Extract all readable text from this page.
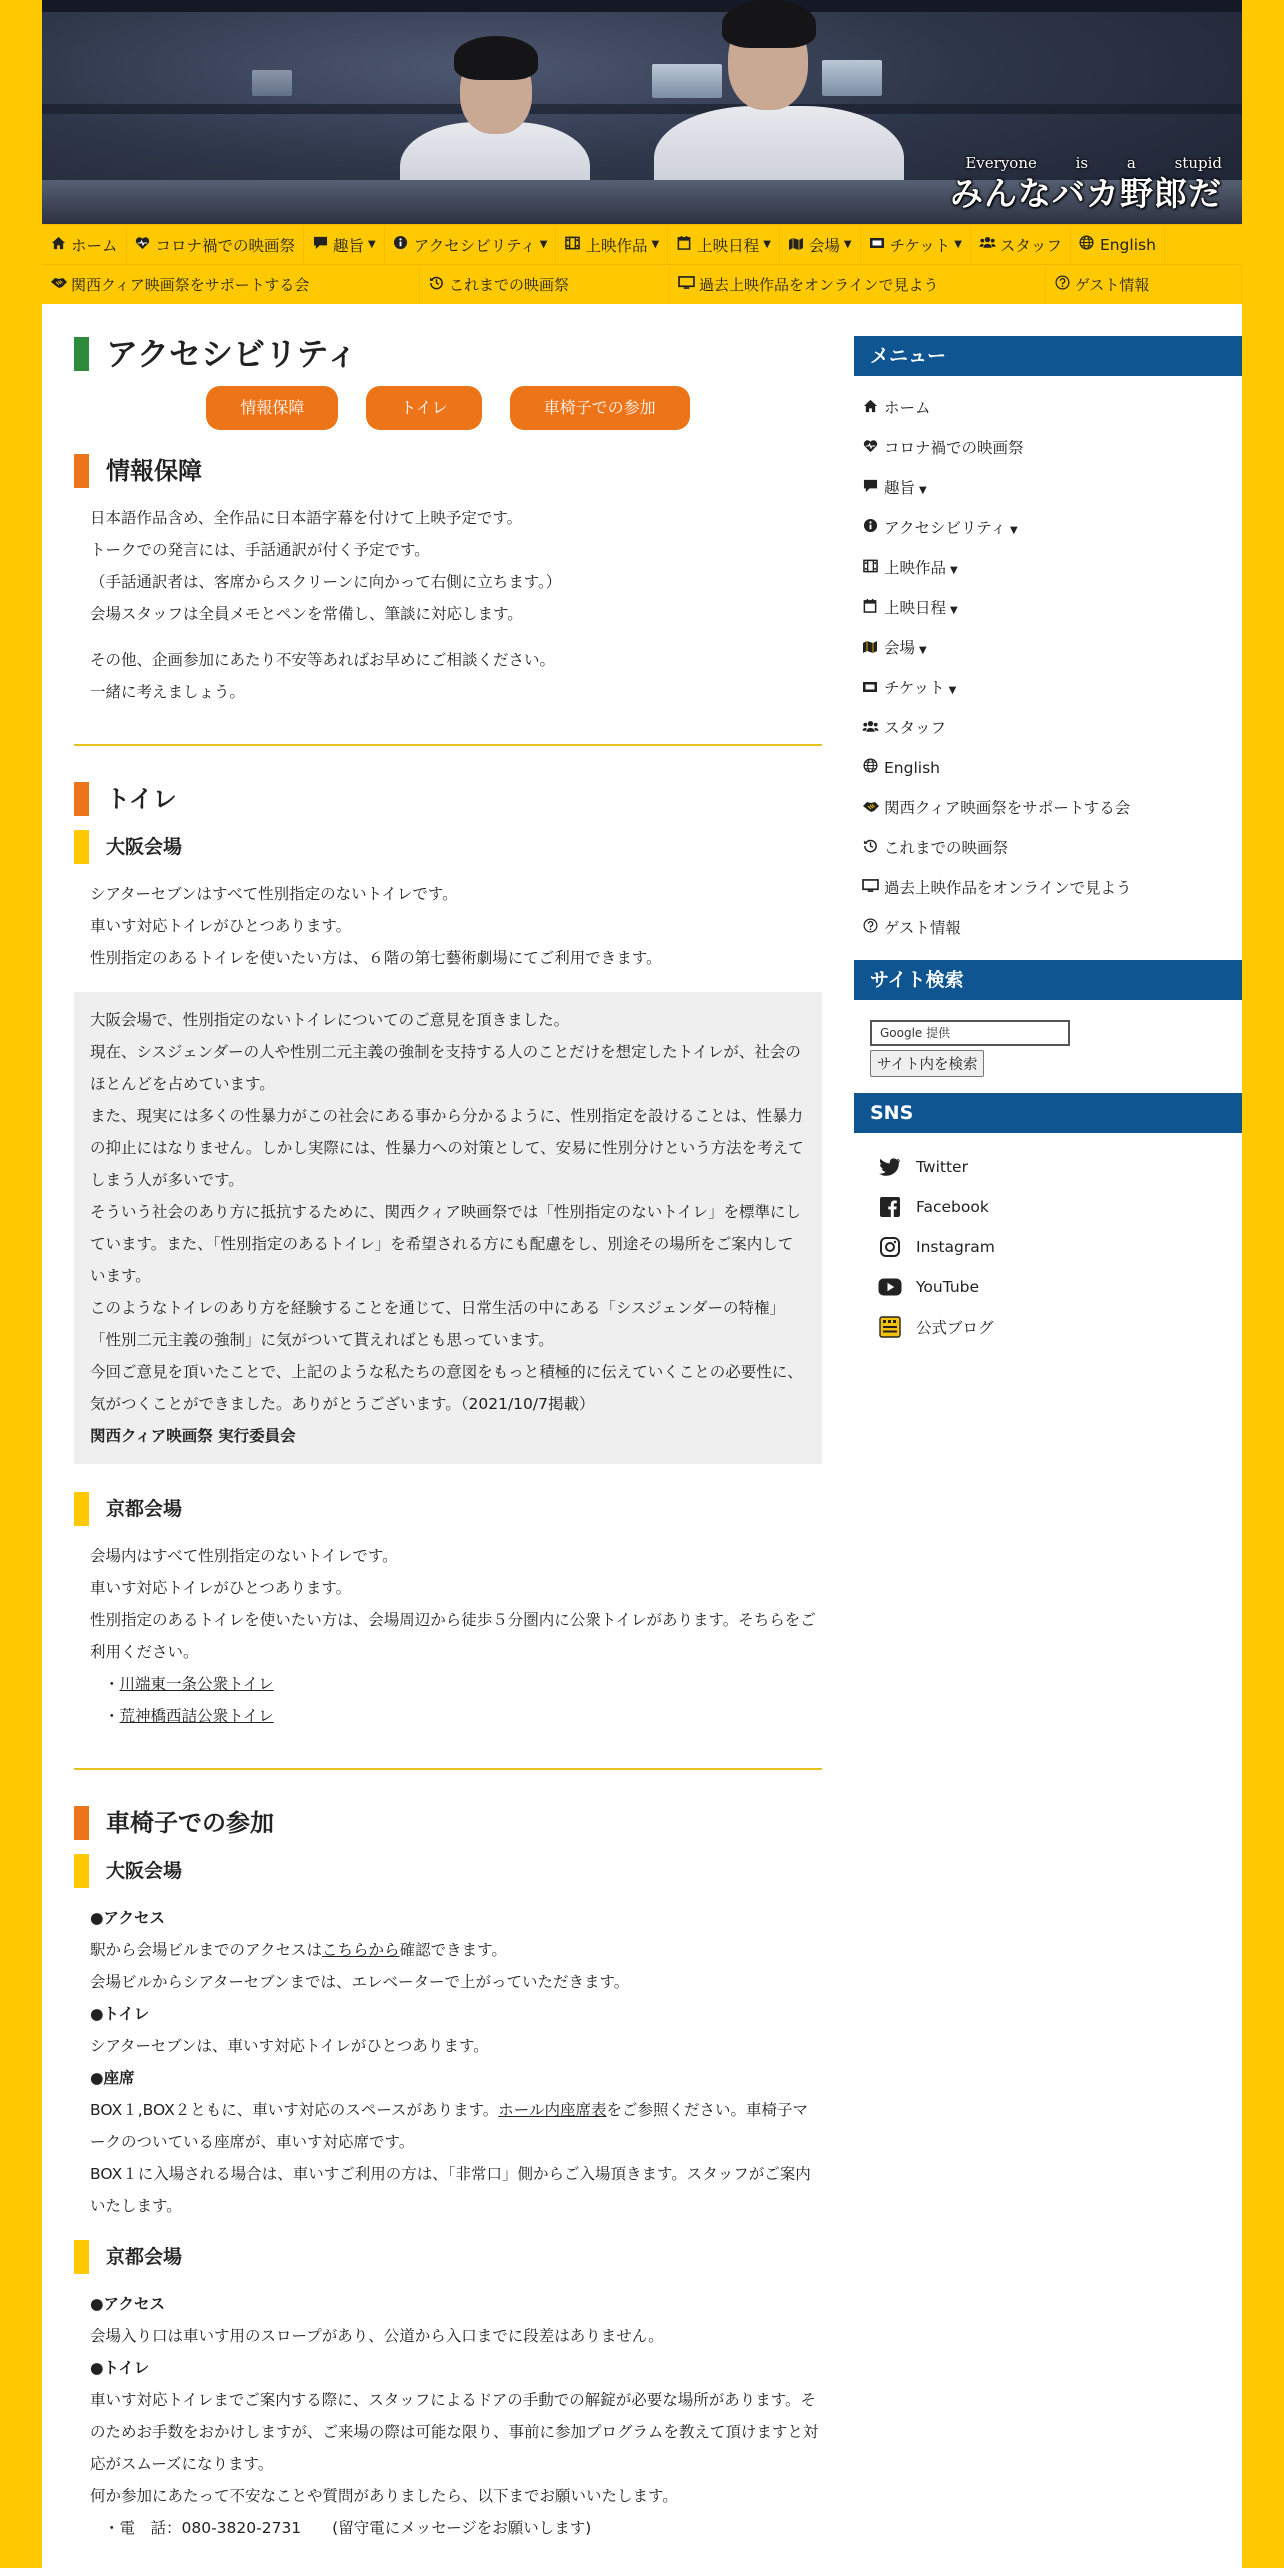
Everyone is a stupid
みんなバカ野郎だ
ホーム コロナ禍での映画祭 趣旨 ▼ アクセシビリティ ▼ 上映作品 ▼ 上映日程 ▼ 会場 ▼ チケット ▼ スタッフ English
関西クィア映画祭をサポートする会	これまでの映画祭	過去上映作品をオンラインで見よう	ゲスト情報
アクセシビリティ
情報保障	トイレ	車椅子での参加
情報保障

日本語作品含め、全作品に日本語字幕を付けて上映予定です。

トークでの発言には、手話通訳が付く予定です。

（手話通訳者は、客席からスクリーンに向かって右側に立ちます。）

会場スタッフは全員メモとペンを常備し、筆談に対応します。

その他、企画参加にあたり不安等あればお早めにご相談ください。

一緒に考えましょう。

トイレ
大阪会場

シアターセブンはすべて性別指定のないトイレです。

車いす対応トイレがひとつあります。

性別指定のあるトイレを使いたい方は、６階の第七藝術劇場にてご利用できます。

大阪会場で、性別指定のないトイレについてのご意見を頂きました。

現在、シスジェンダーの人や性別二元主義の強制を支持する人のことだけを想定したトイレが、社会のほとんどを占めています。

また、現実には多くの性暴力がこの社会にある事から分かるように、性別指定を設けることは、性暴力の抑止にはなりません。しかし実際には、性暴力への対策として、安易に性別分けという方法を考えてしまう人が多いです。

そういう社会のあり方に抵抗するために、関西クィア映画祭では「性別指定のないトイレ」を標準にしています。また、「性別指定のあるトイレ」を希望される方にも配慮をし、別途その場所をご案内しています。

このようなトイレのあり方を経験することを通じて、日常生活の中にある「シスジェンダーの特権」「性別二元主義の強制」に気がついて貰えればとも思っています。

今回ご意見を頂いたことで、上記のような私たちの意図をもっと積極的に伝えていくことの必要性に、気がつくことができました。ありがとうございます。（2021/10/7掲載）

関西クィア映画祭 実行委員会

京都会場

会場内はすべて性別指定のないトイレです。

車いす対応トイレがひとつあります。

性別指定のあるトイレを使いたい方は、会場周辺から徒歩５分圏内に公衆トイレがあります。そちらをご利用ください。

・川端東一条公衆トイレ

・荒神橋西詰公衆トイレ

車椅子での参加
大阪会場

●アクセス

駅から会場ビルまでのアクセスはこちらから確認できます。

会場ビルからシアターセブンまでは、エレベーターで上がっていただきます。

●トイレ

シアターセブンは、車いす対応トイレがひとつあります。

●座席

BOX１,BOX２ともに、車いす対応のスペースがあります。ホール内座席表をご参照ください。車椅子マークのついている座席が、車いす対応席です。

BOX１に入場される場合は、車いすご利用の方は、「非常口」側からご入場頂きます。スタッフがご案内いたします。

京都会場

●アクセス

会場入り口は車いす用のスロープがあり、公道から入口までに段差はありません。

●トイレ

車いす対応トイレまでご案内する際に、スタッフによるドアの手動での解錠が必要な場所があります。そのためお手数をおかけしますが、ご来場の際は可能な限り、事前に参加プログラムを教えて頂けますと対応がスムーズになります。

何か参加にあたって不安なことや質問がありましたら、以下までお願いいたします。

・電　話：080-3820-2731　　(留守電にメッセージをお願いします)

メニュー
ホーム
コロナ禍での映画祭
趣旨 ▼
アクセシビリティ ▼
上映作品 ▼
上映日程 ▼
会場 ▼
チケット ▼
スタッフ
English
関西クィア映画祭をサポートする会
これまでの映画祭
過去上映作品をオンラインで見よう
ゲスト情報
サイト検索
Google 提供
サイト内を検索
SNS
Twitter
Facebook
Instagram
YouTube
公式ブログ
